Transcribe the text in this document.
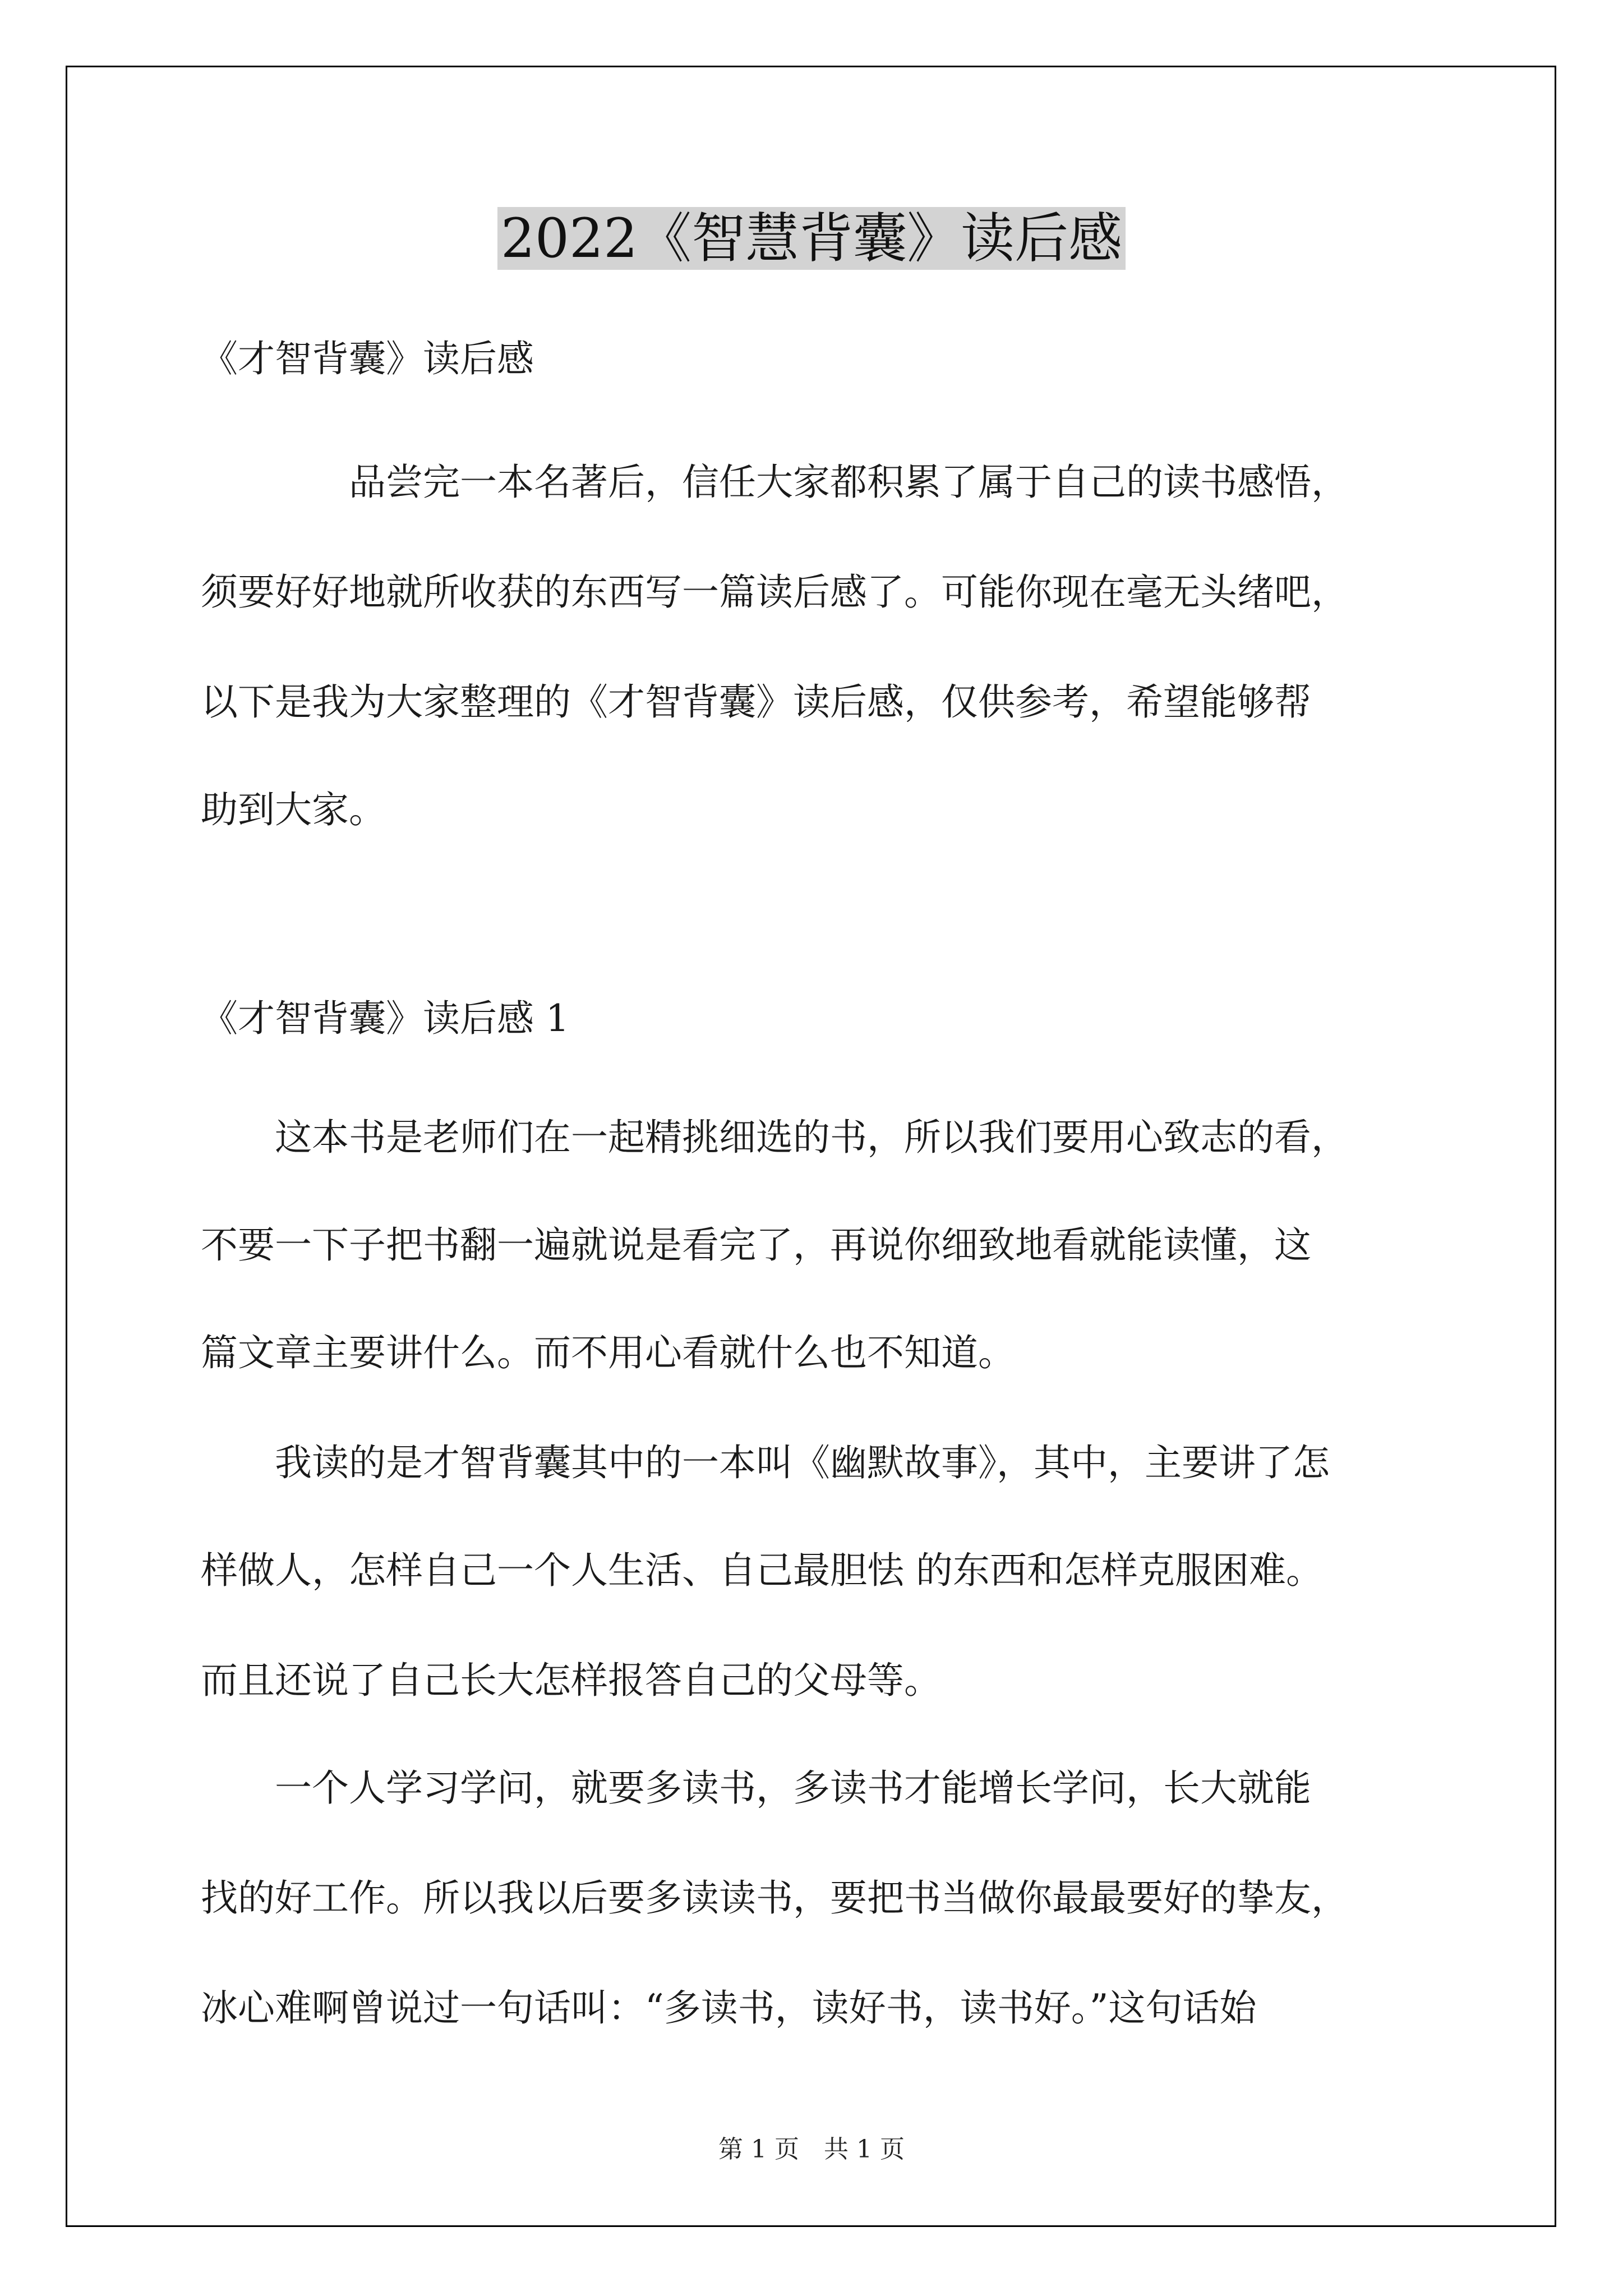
2022《智慧背囊》读后感
《才智背囊》读后感
　　　　品尝完一本名著后，信任大家都积累了属于自己的读书感悟，
须要好好地就所收获的东西写一篇读后感了。可能你现在毫无头绪吧，
以下是我为大家整理的《才智背囊》读后感，仅供参考，希望能够帮
助到大家。
《才智背囊》读后感 1
　　这本书是老师们在一起精挑细选的书，所以我们要用心致志的看，
不要一下子把书翻一遍就说是看完了，再说你细致地看就能读懂，这
篇文章主要讲什么。而不用心看就什么也不知道。
　　我读的是才智背囊其中的一本叫《幽默故事》，其中，主要讲了怎
样做人，怎样自己一个人生活、自己最胆怯 的东西和怎样克服困难。
而且还说了自己长大怎样报答自己的父母等。
　　一个人学习学问，就要多读书，多读书才能增长学问，长大就能
找的好工作。所以我以后要多读读书，要把书当做你最最要好的挚友，
冰心难啊曾说过一句话叫：“多读书，读好书，读书好。”这句话始
第 1 页　共 1 页
